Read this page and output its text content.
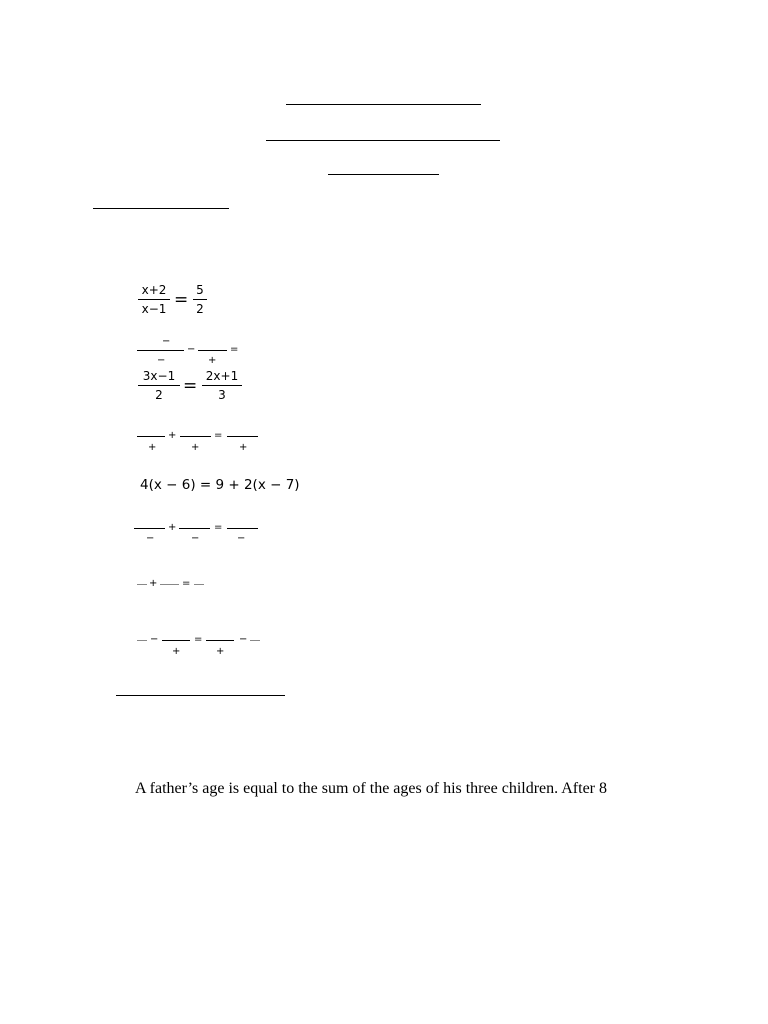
x+2
x−1 = 5
2
−
−
−
+
=
3x−1
2	= 2x+1
3
+	=
+	+	+
4(x − 6) = 9 + 2(x − 7)
+	=
−	−	−
+ =
−	=	−
+	+
A father’s age is equal to the sum of the ages of his three children. After 8
